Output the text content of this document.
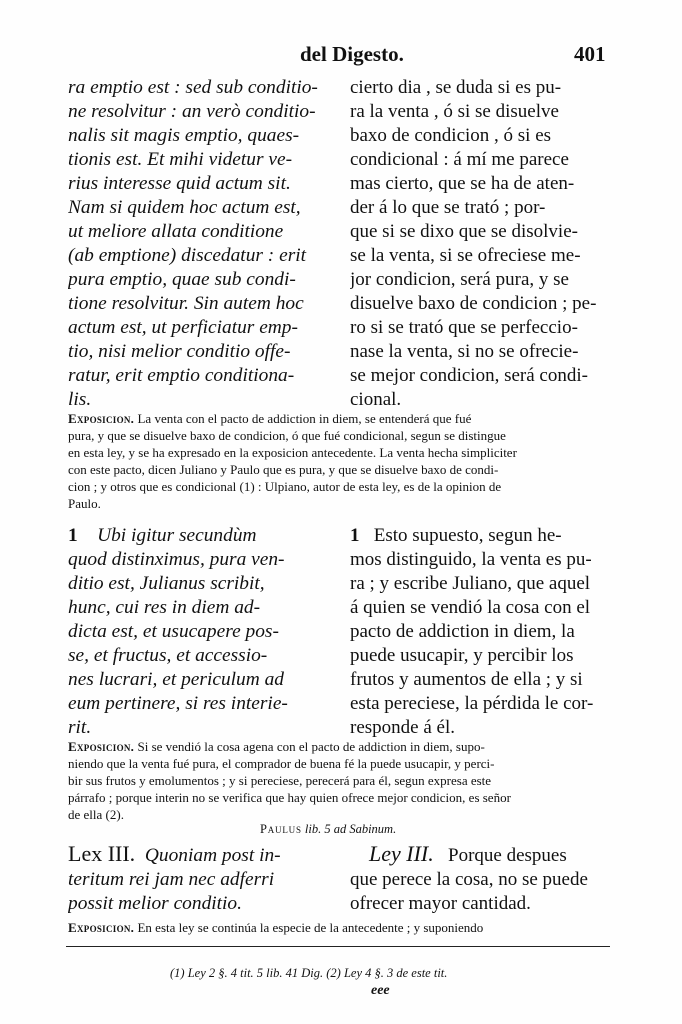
del Digesto.	401
ra emptio est : sed sub conditio-
ne resolvitur : an verò conditio-
nalis sit magis emptio, quaes-
tionis est. Et mihi videtur ve-
rius interesse quid actum sit.
Nam si quidem hoc actum est,
ut meliore allata conditione
(ab emptione) discedatur : erit
pura emptio, quae sub condi-
tione resolvitur. Sin autem hoc
actum est, ut perficiatur emp-
tio, nisi melior conditio offe-
ratur, erit emptio conditiona-
lis.
cierto dia , se duda si es pu-
ra la venta , ó si se disuelve
baxo de condicion , ó si es
condicional : á mí me parece
mas cierto, que se ha de aten-
der á lo que se trató ; por-
que si se dixo que se disolvie-
se la venta, si se ofreciese me-
jor condicion, será pura, y se
disuelve baxo de condicion ; pe-
ro si se trató que se perfeccio-
nase la venta, si no se ofrecie-
se mejor condicion, será condi-
cional.
Exposicion. La venta con el pacto de addiction in diem, se entenderá que fué
pura, y que se disuelve baxo de condicion, ó que fué condicional, segun se distingue
en esta ley, y se ha expresado en la exposicion antecedente. La venta hecha simpliciter
con este pacto, dicen Juliano y Paulo que es pura, y que se disuelve baxo de condi-
cion ; y otros que es condicional (1) : Ulpiano, autor de esta ley, es de la opinion de
Paulo.
1 Ubi igitur secundùm
quod distinximus, pura ven-
ditio est, Julianus scribit,
hunc, cui res in diem ad-
dicta est, et usucapere pos-
se, et fructus, et accessio-
nes lucrari, et periculum ad
eum pertinere, si res interie-
rit.
1 Esto supuesto, segun he-
mos distinguido, la venta es pu-
ra ; y escribe Juliano, que aquel
á quien se vendió la cosa con el
pacto de addiction in diem, la
puede usucapir, y percibir los
frutos y aumentos de ella ; y si
esta pereciese, la pérdida le cor-
responde á él.
Exposicion. Si se vendió la cosa agena con el pacto de addiction in diem, supo-
niendo que la venta fué pura, el comprador de buena fé la puede usucapir, y perci-
bir sus frutos y emolumentos ; y si pereciese, perecerá para él, segun expresa este
párrafo ; porque interin no se verifica que hay quien ofrece mejor condicion, es señor
de ella (2).
Paulus lib. 5 ad Sabinum.
Lex III. Quoniam post in-
teritum rei jam nec adferri
possit melior conditio.
Ley III. Porque despues
que perece la cosa, no se puede
ofrecer mayor cantidad.
Exposicion. En esta ley se continúa la especie de la antecedente ; y suponiendo
(1) Ley 2 §. 4 tit. 5 lib. 41 Dig. (2) Ley 4 §. 3 de este tit.
eee
